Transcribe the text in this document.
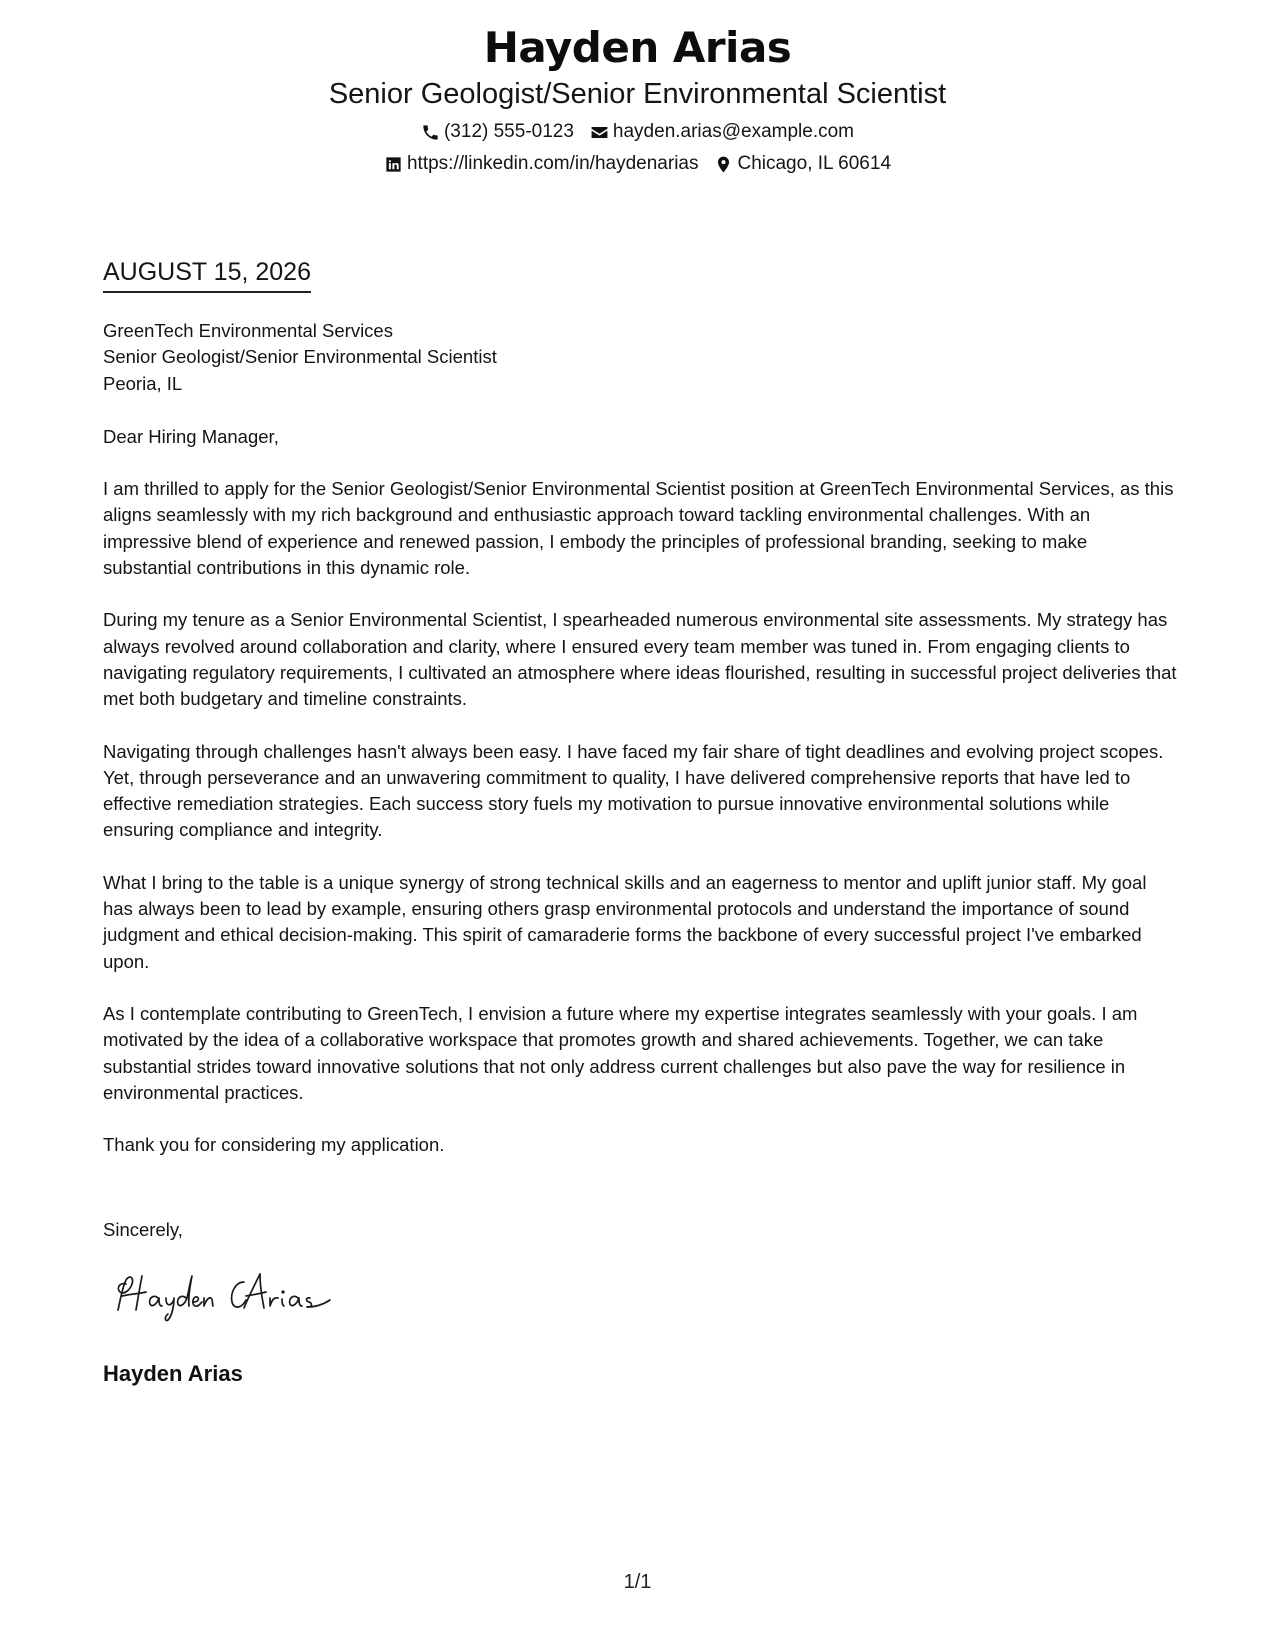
Hayden Arias
Senior Geologist/Senior Environmental Scientist
(312) 555-0123 hayden.arias@example.com
https://linkedin.com/in/haydenarias Chicago, IL 60614
AUGUST 15, 2026

GreenTech Environmental Services

Senior Geologist/Senior Environmental Scientist

Peoria, IL

Dear Hiring Manager,

I am thrilled to apply for the Senior Geologist/Senior Environmental Scientist position at GreenTech Environmental Services, as this aligns seamlessly with my rich background and enthusiastic approach toward tackling environmental challenges. With an impressive blend of experience and renewed passion, I embody the principles of professional branding, seeking to make substantial contributions in this dynamic role.

During my tenure as a Senior Environmental Scientist, I spearheaded numerous environmental site assessments. My strategy has always revolved around collaboration and clarity, where I ensured every team member was tuned in. From engaging clients to navigating regulatory requirements, I cultivated an atmosphere where ideas flourished, resulting in successful project deliveries that met both budgetary and timeline constraints.

Navigating through challenges hasn't always been easy. I have faced my fair share of tight deadlines and evolving project scopes. Yet, through perseverance and an unwavering commitment to quality, I have delivered comprehensive reports that have led to effective remediation strategies. Each success story fuels my motivation to pursue innovative environmental solutions while ensuring compliance and integrity.

What I bring to the table is a unique synergy of strong technical skills and an eagerness to mentor and uplift junior staff. My goal has always been to lead by example, ensuring others grasp environmental protocols and understand the importance of sound judgment and ethical decision-making. This spirit of camaraderie forms the backbone of every successful project I've embarked upon.

As I contemplate contributing to GreenTech, I envision a future where my expertise integrates seamlessly with your goals. I am motivated by the idea of a collaborative workspace that promotes growth and shared achievements. Together, we can take substantial strides toward innovative solutions that not only address current challenges but also pave the way for resilience in environmental practices.

Thank you for considering my application.

Sincerely,
Hayden Arias
1/1
